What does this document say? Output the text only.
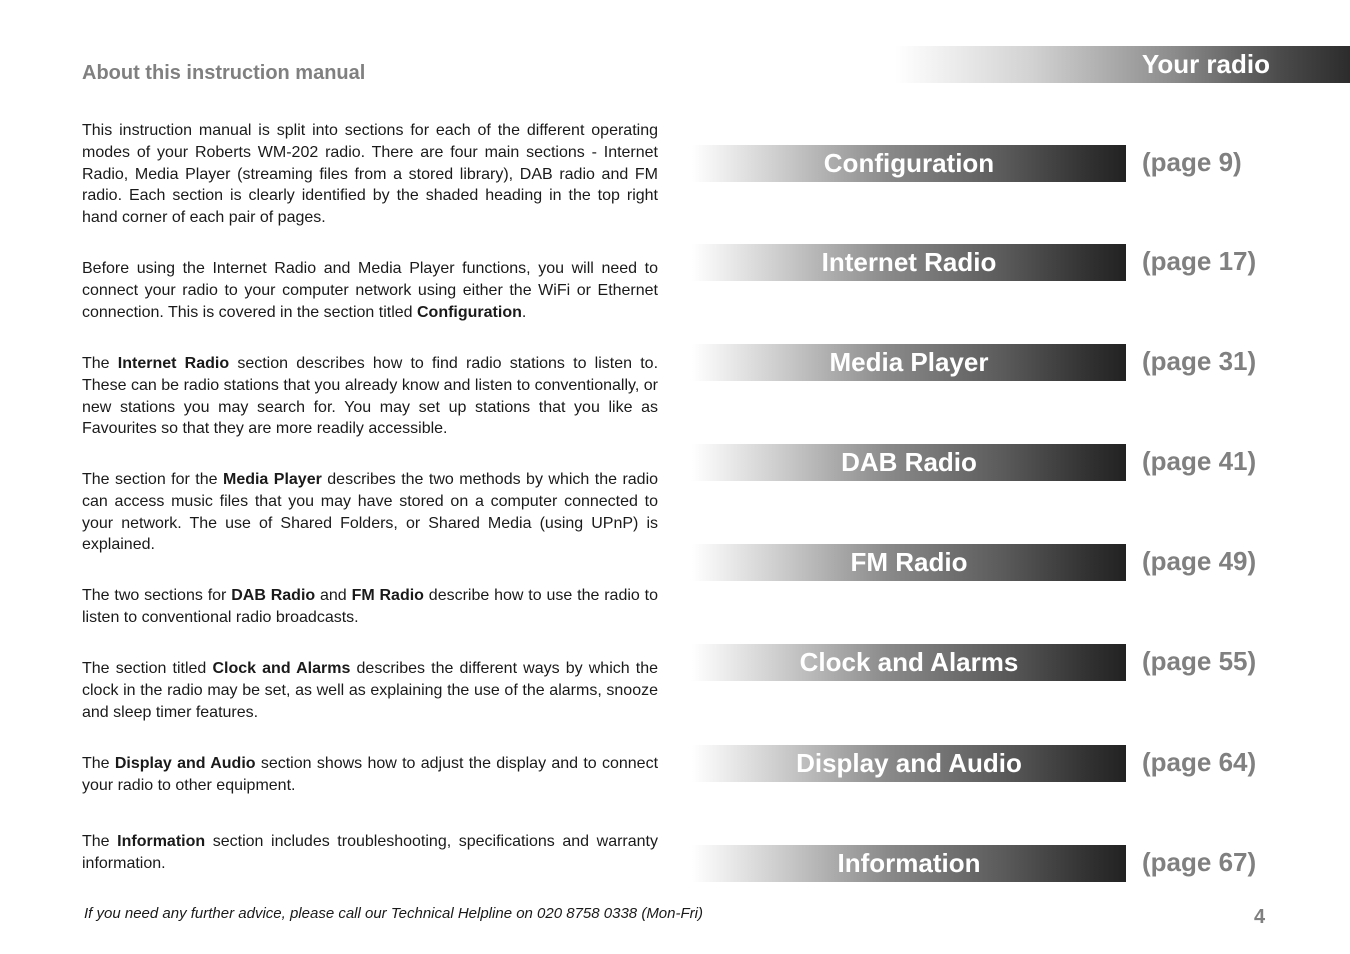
Your radio
About this instruction manual

This instruction manual is split into sections for each of the different operating modes of your Roberts WM-202 radio. There are four main sections - Internet Radio, Media Player (streaming files from a stored library), DAB radio and FM radio. Each section is clearly identified by the shaded heading in the top right hand corner of each pair of pages.

Before using the Internet Radio and Media Player functions, you will need to connect your radio to your computer network using either the WiFi or Ethernet connection. This is covered in the section titled Configuration.

The Internet Radio section describes how to find radio stations to listen to. These can be radio stations that you already know and listen to conventionally, or new stations you may search for. You may set up stations that you like as Favourites so that they are more readily accessible.

The section for the Media Player describes the two methods by which the radio can access music files that you may have stored on a computer connected to your network. The use of Shared Folders, or Shared Media (using UPnP) is explained.

The two sections for DAB Radio and FM Radio describe how to use the radio to listen to conventional radio broadcasts.

The section titled Clock and Alarms describes the different ways by which the clock in the radio may be set, as well as explaining the use of the alarms, snooze and sleep timer features.

The Display and Audio section shows how to adjust the display and to connect your radio to other equipment.

The Information section includes troubleshooting, specifications and warranty information.

Configuration	(page 9)
Internet Radio	(page 17)
Media Player	(page 31)
DAB Radio	(page 41)
FM Radio	(page 49)
Clock and Alarms	(page 55)
Display and Audio	(page 64)
Information	(page 67)
If you need any further advice, please call our Technical Helpline on 020 8758 0338 (Mon-Fri)	4
